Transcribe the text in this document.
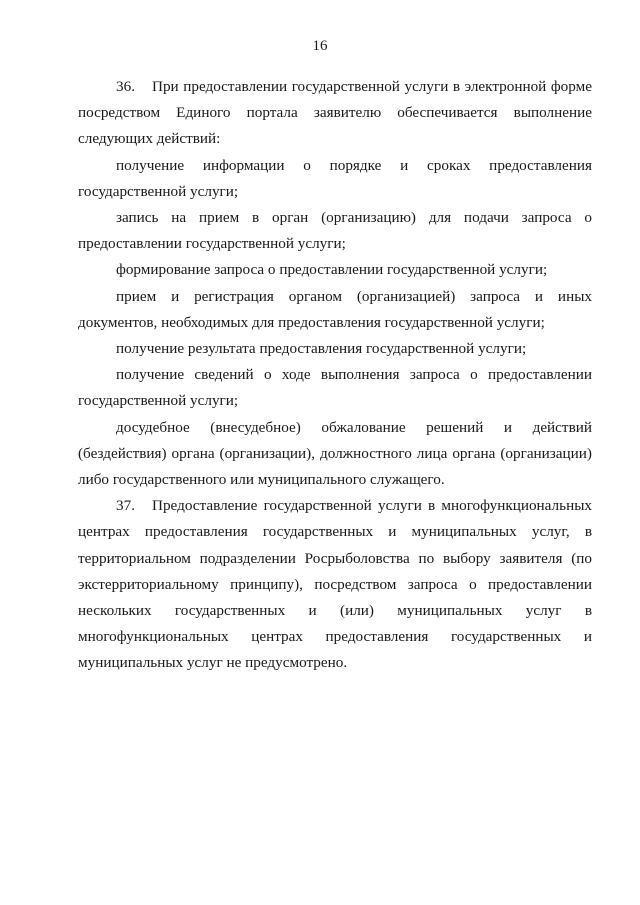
16

36. При предоставлении государственной услуги в электронной форме посредством Единого портала заявителю обеспечивается выполнение следующих действий:

получение информации о порядке и сроках предоставления государственной услуги;

запись на прием в орган (организацию) для подачи запроса о предоставлении государственной услуги;

формирование запроса о предоставлении государственной услуги;

прием и регистрация органом (организацией) запроса и иных документов, необходимых для предоставления государственной услуги;

получение результата предоставления государственной услуги;

получение сведений о ходе выполнения запроса о предоставлении государственной услуги;

досудебное (внесудебное) обжалование решений и действий (бездействия) органа (организации), должностного лица органа (организации) либо государственного или муниципального служащего.

37. Предоставление государственной услуги в многофункциональных центрах предоставления государственных и муниципальных услуг, в территориальном подразделении Росрыболовства по выбору заявителя (по экстерриториальному принципу), посредством запроса о предоставлении нескольких государственных и (или) муниципальных услуг в многофункциональных центрах предоставления государственных и муниципальных услуг не предусмотрено.
